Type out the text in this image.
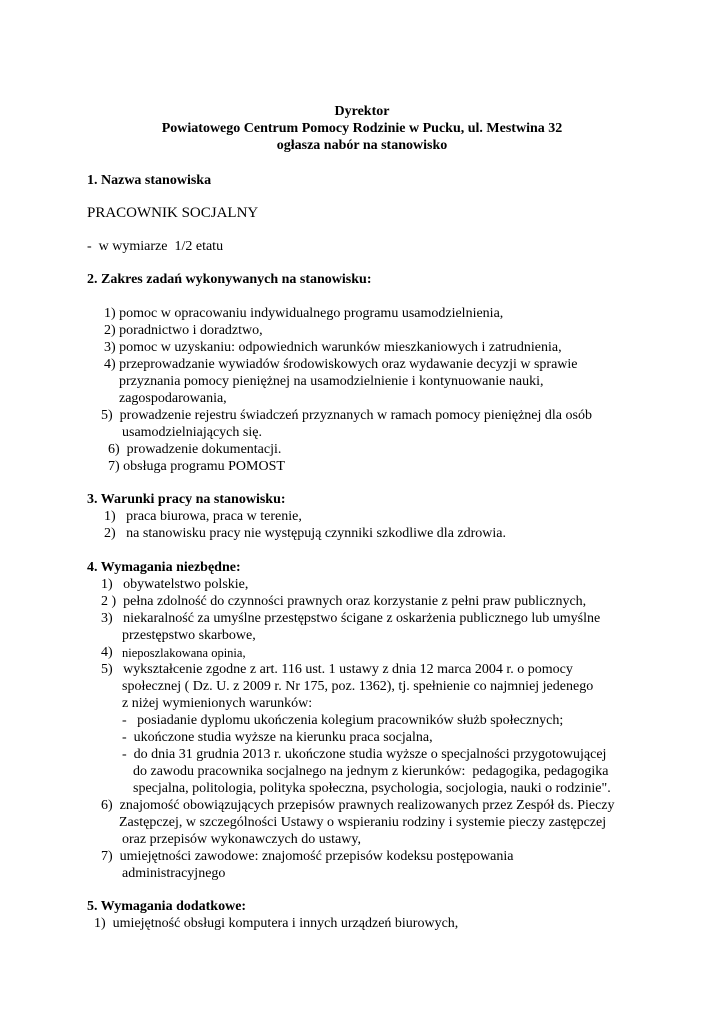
Dyrektor
Powiatowego Centrum Pomocy Rodzinie w Pucku, ul. Mestwina 32
ogłasza nabór na stanowisko
1. Nazwa stanowiska
PRACOWNIK SOCJALNY
-  w wymiarze  1/2 etatu
2. Zakres zadań wykonywanych na stanowisku:
1) pomoc w opracowaniu indywidualnego programu usamodzielnienia,
2) poradnictwo i doradztwo,
3) pomoc w uzyskaniu: odpowiednich warunków mieszkaniowych i zatrudnienia,
4) przeprowadzanie wywiadów środowiskowych oraz wydawanie decyzji w sprawie
przyznania pomocy pieniężnej na usamodzielnienie i kontynuowanie nauki,
zagospodarowania,
5)  prowadzenie rejestru świadczeń przyznanych w ramach pomocy pieniężnej dla osób
usamodzielniających się.
6)  prowadzenie dokumentacji.
7) obsługa programu POMOST
3. Warunki pracy na stanowisku:
1)   praca biurowa, praca w terenie,
2)   na stanowisku pracy nie występują czynniki szkodliwe dla zdrowia.
4. Wymagania niezbędne:
1)   obywatelstwo polskie,
2 )  pełna zdolność do czynności prawnych oraz korzystanie z pełni praw publicznych,
3)   niekaralność za umyślne przestępstwo ścigane z oskarżenia publicznego lub umyślne
przestępstwo skarbowe,
4) nieposzlakowana opinia,
5)   wykształcenie zgodne z art. 116 ust. 1 ustawy z dnia 12 marca 2004 r. o pomocy
społecznej ( Dz. U. z 2009 r. Nr 175, poz. 1362), tj. spełnienie co najmniej jedenego
z niżej wymienionych warunków:
-   posiadanie dyplomu ukończenia kolegium pracowników służb społecznych;
-  ukończone studia wyższe na kierunku praca socjalna,
-  do dnia 31 grudnia 2013 r. ukończone studia wyższe o specjalności przygotowującej
do zawodu pracownika socjalnego na jednym z kierunków:  pedagogika, pedagogika
specjalna, politologia, polityka społeczna, psychologia, socjologia, nauki o rodzinie".
6)  znajomość obowiązujących przepisów prawnych realizowanych przez Zespół ds. Pieczy
Zastępczej, w szczególności Ustawy o wspieraniu rodziny i systemie pieczy zastępczej
oraz przepisów wykonawczych do ustawy,
7)  umiejętności zawodowe: znajomość przepisów kodeksu postępowania
administracyjnego
5. Wymagania dodatkowe:
1)  umiejętność obsługi komputera i innych urządzeń biurowych,
